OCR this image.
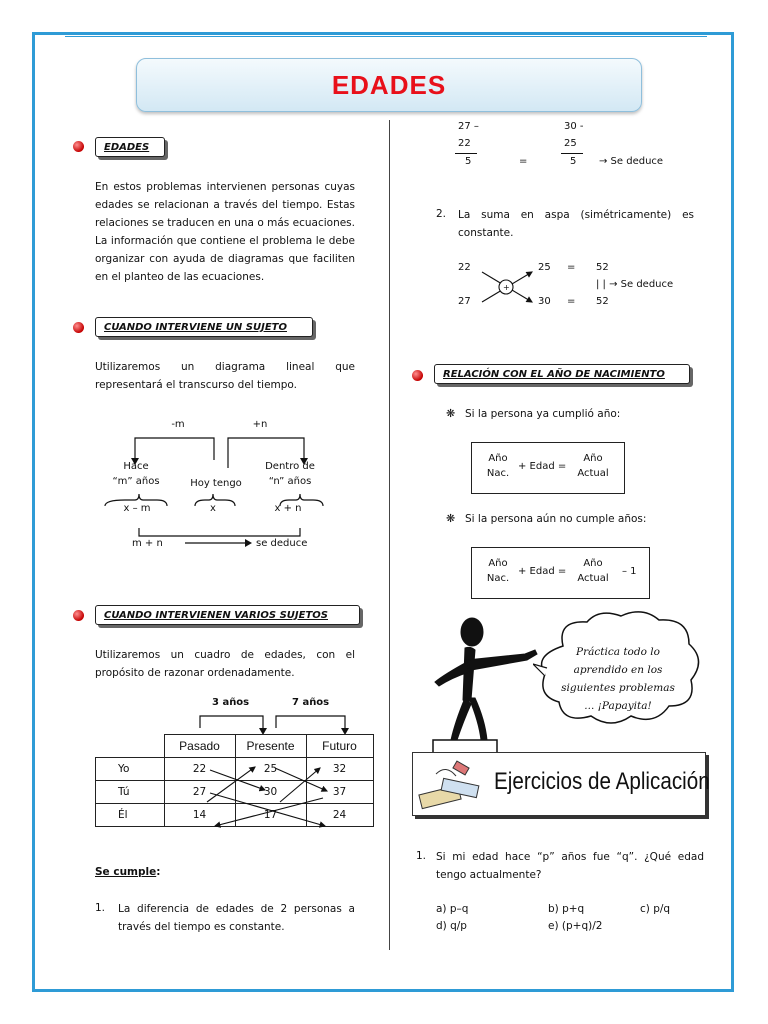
EDADES
EDADES
En estos problemas intervienen personas cuyas edades se relacionan a través del tiempo. Estas relaciones se traducen en una o más ecuaciones. La información que contiene el problema le debe organizar con ayuda de diagramas que faciliten en el planteo de las ecuaciones.
CUANDO INTERVIENE UN SUJETO
Utilizaremos un diagrama lineal que representará el transcurso del tiempo.
-m	+n
Hace
“m” años	Hoy tengo
Dentro de
“n” años
x – m	x	x + n
m + n	se deduce
CUANDO INTERVIENEN VARIOS SUJETOS
Utilizaremos un cuadro de edades, con el propósito de razonar ordenadamente.
3 años	7 años
	Pasado	Presente	Futuro
Yo	22	25	32
Tú	27	30	37
Él	14	17	24
Se cumple:
1. La diferencia de edades de 2 personas a través del tiempo es constante.
27 –
22
5	=
30 -
25
5 → Se deduce
2. La suma en aspa (simétricamente) es constante.
+
22	25 = 52
| | → Se deduce
27	30 = 52
RELACIÓN CON EL AÑO DE NACIMIENTO
❋ Si la persona ya cumplió año:
Año
Nac.
+ Edad =
Año
Actual
❋ Si la persona aún no cumple años:
Año
Nac.
+ Edad =
Año
Actual
– 1
Práctica todo lo
aprendido en los
siguientes problemas
... ¡Papayita!
Ejercicios de Aplicación
1. Si mi edad hace “p” años fue “q”. ¿Qué edad tengo actualmente?
a) p–q	b) p+q	c) p/q
d) q/p	e) (p+q)/2
